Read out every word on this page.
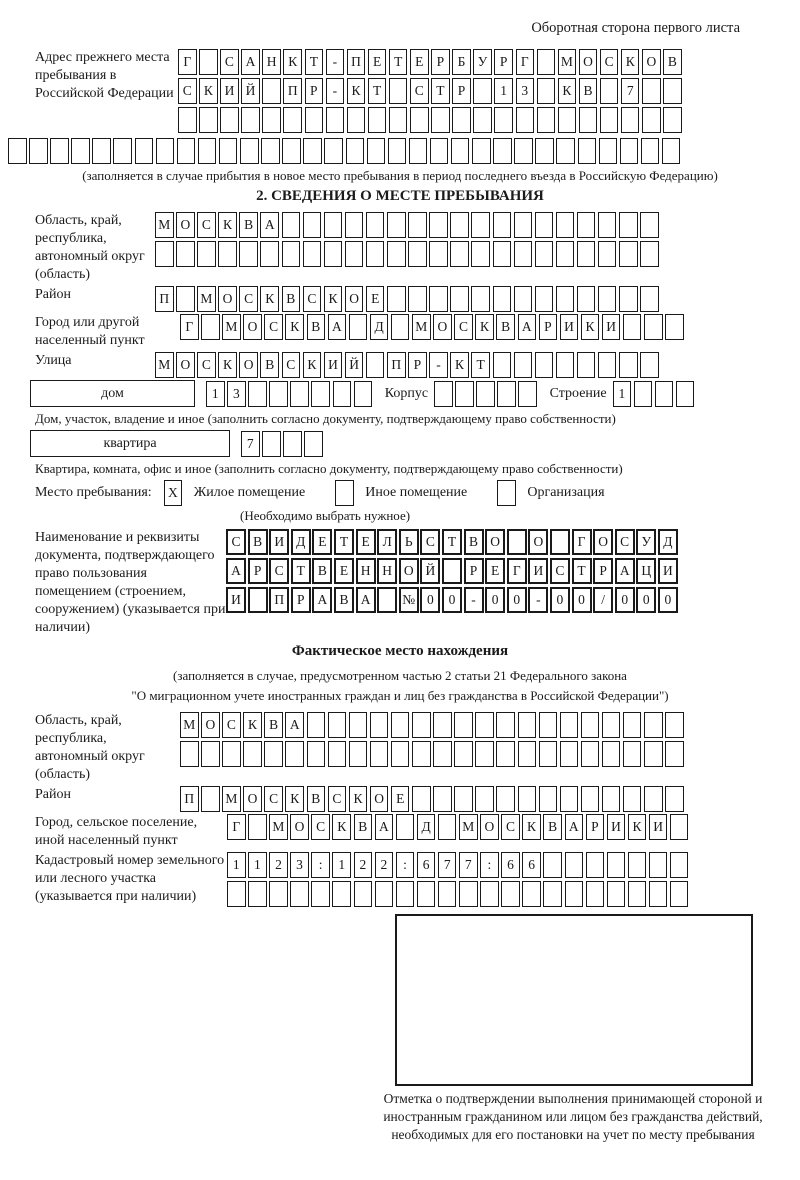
Оборотная сторона первого листа
Адрес прежнего места пребывания в Российской Федерации
Г	С А Н К Т	-	П Е Т Е Р Б У Р Г	М О С К О В
С К И Й	П Р	-	К Т	С Т Р	1	3	К В	7
(заполняется в случае прибытия в новое место пребывания в период последнего въезда в Российскую Федерацию)
2. СВЕДЕНИЯ О МЕСТЕ ПРЕБЫВАНИЯ
Область, край, республика, автономный округ (область)
М О С К В А
Район	П	М О С К В С К О Е
Город или другой населенный пункт
Г	М О С К В А	Д	М О С К В А Р И К И
Улица	М О С К О В С К И Й	П Р	-	К Т
дом	1	3	Корпус	Строение 1
Дом, участок, владение и иное (заполнить согласно документу, подтверждающему право собственности)
квартира	7
Квартира, комната, офис и иное (заполнить согласно документу, подтверждающему право собственности)
Место пребывания:	X	Жилое помещение	Иное помещение	Организация
(Необходимо выбрать нужное)
Наименование и реквизиты документа, подтверждающего право пользования помещением (строением, сооружением) (указывается при наличии)
С В И Д Е Т Е Л Ь С Т В О	О	Г О С У Д
А Р С Т В Е Н Н О Й	Р	Е	Г И С Т	Р А Ц И
И	П Р А В А	№ 0	0	-	0	0	-	0	0	/	0	0	0
Фактическое место нахождения
(заполняется в случае, предусмотренном частью 2 статьи 21 Федерального закона
"О миграционном учете иностранных граждан и лиц без гражданства в Российской Федерации")
Область, край, республика, автономный округ (область)
М О С К В А
Район	П	М О С К В С К О Е
Город, сельское поселение, иной населенный пункт
Г	М О С К В А	Д	М О С К В А Р И К И
Кадастровый номер земельного или лесного участка (указывается при наличии)
1	1	2	3	:	1	2	2	:	6	7	7	:	6	6
Отметка о подтверждении выполнения принимающей стороной и иностранным гражданином или лицом без гражданства действий, необходимых для его постановки на учет по месту пребывания
